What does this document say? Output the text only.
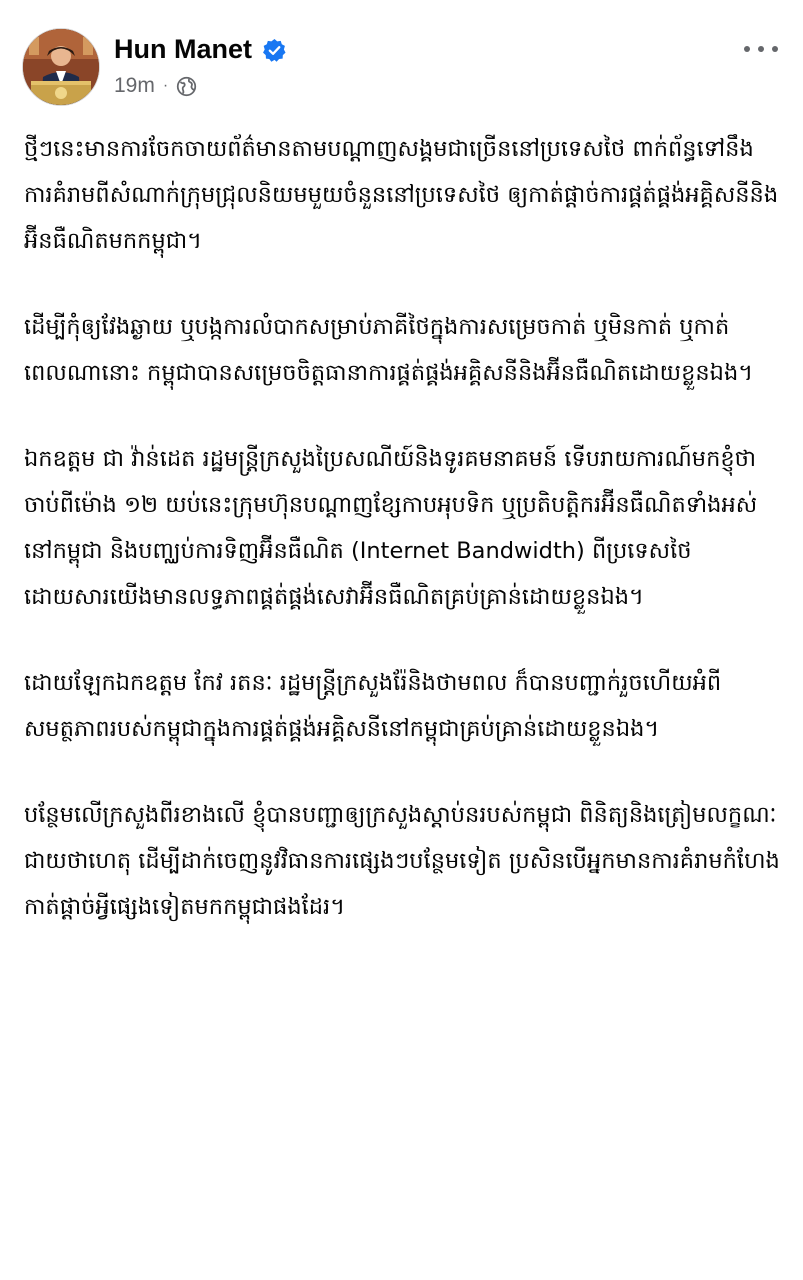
Hun Manet
19m ·

ថ្មីៗនេះមានការចែកចាយព័ត៌មានតាមបណ្ដាញសង្គមជាច្រើននៅប្រទេសថៃ ពាក់ព័ន្ធទៅនឹងការគំរាមពីសំណាក់ក្រុមជ្រុលនិយមមួយចំនួននៅប្រទេសថៃ ឲ្យកាត់ផ្ដាច់ការផ្គត់ផ្គង់អគ្គិសនីនិងអ៊ីនធឺណិតមកកម្ពុជា។

ដើម្បីកុំឲ្យវែងឆ្ងាយ ឬបង្កការលំបាកសម្រាប់ភាគីថៃក្នុងការសម្រេចកាត់ ឬមិនកាត់ ឬកាត់ពេលណានោះ កម្ពុជាបានសម្រេចចិត្តធានាការផ្គត់ផ្គង់អគ្គិសនីនិងអ៊ីនធឺណិតដោយខ្លួនឯង។

ឯកឧត្តម ជា វ៉ាន់ដេត រដ្ឋមន្ត្រីក្រសួងប្រៃសណីយ៍និងទូរគមនាគមន៍ ទើបរាយការណ៍មកខ្ញុំថា ចាប់ពីម៉ោង ១២ យប់នេះក្រុមហ៊ុនបណ្ដាញខ្សែកាបអុបទិក ឬប្រតិបត្តិករអ៊ីនធឺណិតទាំងអស់នៅកម្ពុជា និងបញ្ឈប់ការទិញអ៊ីនធឺណិត (Internet Bandwidth) ពីប្រទេសថៃ ដោយសារយើងមានលទ្ធភាពផ្គត់ផ្គង់សេវាអ៊ីនធឺណិតគ្រប់គ្រាន់ដោយខ្លួនឯង។

ដោយឡែកឯកឧត្តម កែវ រតនៈ រដ្ឋមន្ត្រីក្រសួងរ៉ែនិងថាមពល ក៏បានបញ្ជាក់រួចហើយអំពីសមត្ថភាពរបស់កម្ពុជាក្នុងការផ្គត់ផ្គង់អគ្គិសនីនៅកម្ពុជាគ្រប់គ្រាន់ដោយខ្លួនឯង។

បន្ថែមលើក្រសួងពីរខាងលើ ខ្ញុំបានបញ្ជាឲ្យក្រសួងស្ដាប់នរបស់កម្ពុជា ពិនិត្យនិងត្រៀមលក្ខណៈជាយថាហេតុ ដើម្បីដាក់ចេញនូវវិធានការផ្សេងៗបន្ថែមទៀត ប្រសិនបើអ្នកមានការគំរាមកំហែងកាត់ផ្ដាច់អ្វីផ្សេងទៀតមកកម្ពុជាផងដែរ។
